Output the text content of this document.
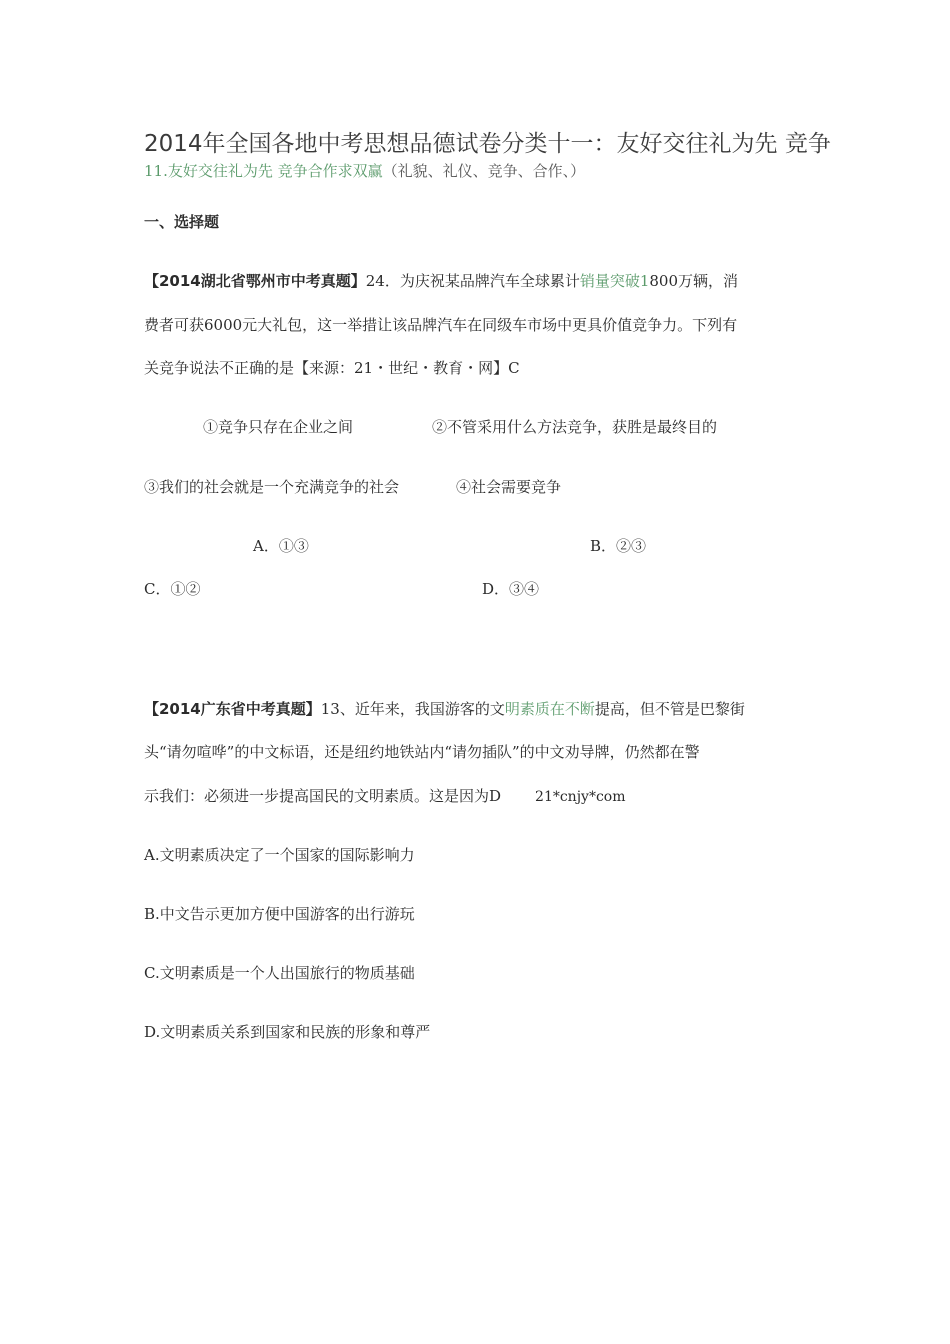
2014年全国各地中考思想品德试卷分类十一：友好交往礼为先 竞争
11.友好交往礼为先 竞争合作求双赢（礼貌、礼仪、竞争、合作、）
一、选择题
【2014湖北省鄂州市中考真题】24．为庆祝某品牌汽车全球累计销量突破1800万辆，消
费者可获6000元大礼包，这一举措让该品牌汽车在同级车市场中更具价值竞争力。下列有
关竞争说法不正确的是【来源：21・世纪・教育・网】C
①竞争只存在企业之间	②不管采用什么方法竞争，获胜是最终目的
③我们的社会就是一个充满竞争的社会	④社会需要竞争
A．①③	B．②③
C．①②	D．③④
【2014广东省中考真题】13、近年来，我国游客的文明素质在不断提高，但不管是巴黎街
头“请勿喧哗”的中文标语，还是纽约地铁站内“请勿插队”的中文劝导牌，仍然都在警
示我们：必须进一步提高国民的文明素质。这是因为D 21*cnjy*com
A.文明素质决定了一个国家的国际影响力
B.中文告示更加方便中国游客的出行游玩
C.文明素质是一个人出国旅行的物质基础
D.文明素质关系到国家和民族的形象和尊严
